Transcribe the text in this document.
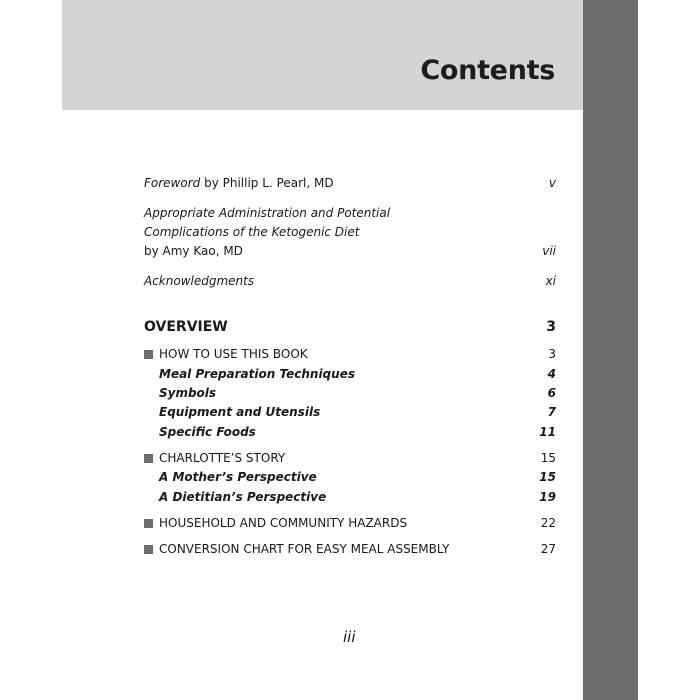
Contents
Foreword by Phillip L. Pearl, MD	v
Appropriate Administration and Potential
Complications of the Ketogenic Diet
by Amy Kao, MD	vii
Acknowledgments	xi
OVERVIEW	3
HOW TO USE THIS BOOK	3
Meal Preparation Techniques	4
Symbols	6
Equipment and Utensils	7
Specific Foods	11
CHARLOTTE’S STORY	15
A Mother’s Perspective	15
A Dietitian’s Perspective	19
HOUSEHOLD AND COMMUNITY HAZARDS	22
CONVERSION CHART FOR EASY MEAL ASSEMBLY	27
iii
